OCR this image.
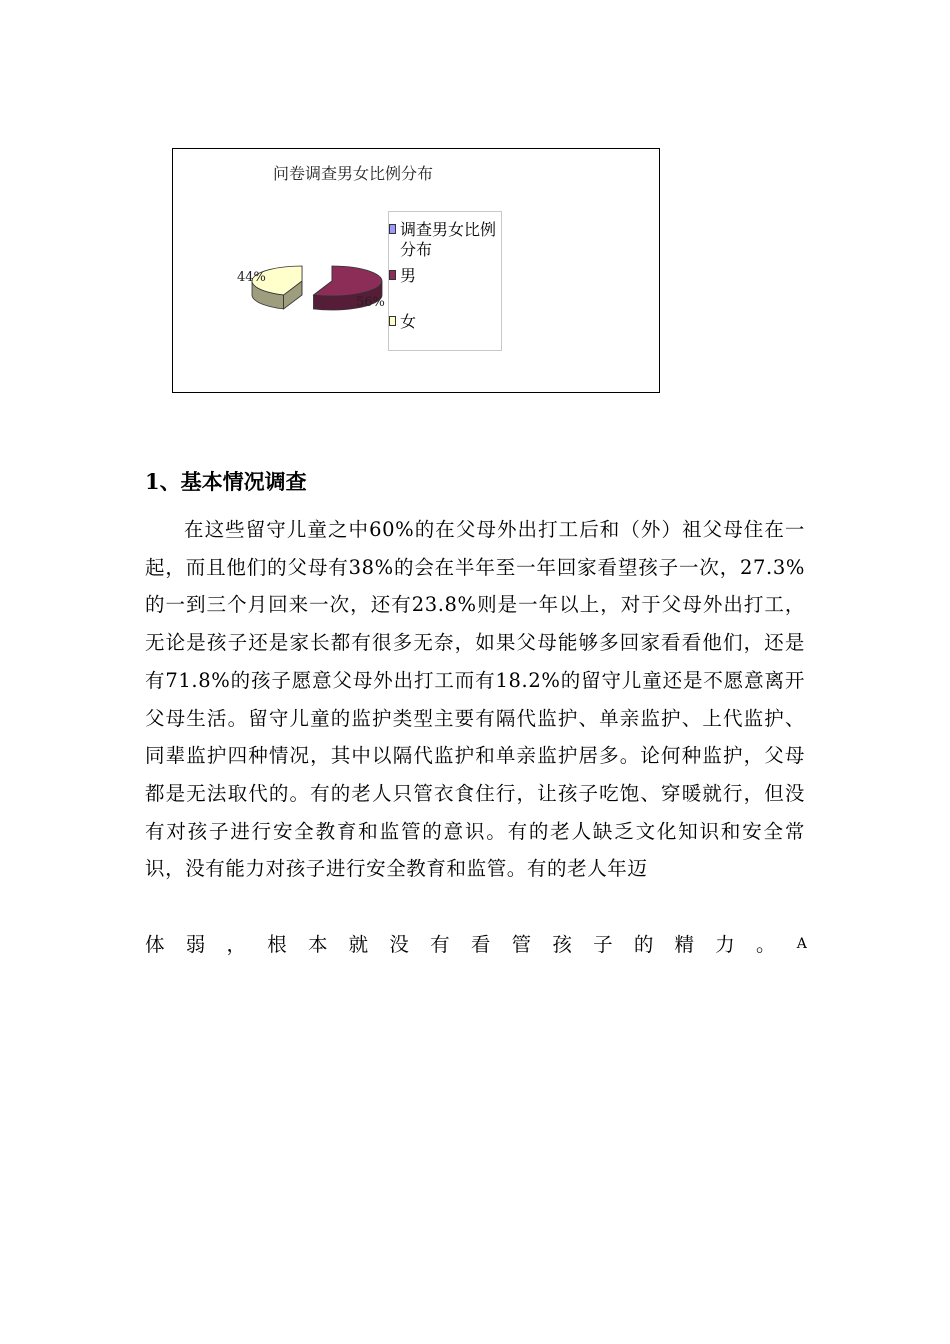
问卷调查男女比例分布
56%
44%
调查男女比例分布
男
女
1、基本情况调查
在这些留守儿童之中60%的在父母外出打工后和（外）祖父母住在一起，而且他们的父母有38%的会在半年至一年回家看望孩子一次，27.3%的一到三个月回来一次，还有23.8%则是一年以上，对于父母外出打工，无论是孩子还是家长都有很多无奈，如果父母能够多回家看看他们，还是有71.8%的孩子愿意父母外出打工而有18.2%的留守儿童还是不愿意离开父母生活。留守儿童的监护类型主要有隔代监护、单亲监护、上代监护、同辈监护四种情况，其中以隔代监护和单亲监护居多。论何种监护，父母都是无法取代的。有的老人只管衣食住行，让孩子吃饱、穿暖就行，但没有对孩子进行安全教育和监管的意识。有的老人缺乏文化知识和安全常识，没有能力对孩子进行安全教育和监管。有的老人年迈
体 弱 ， 根 本 就 没 有 看 管 孩 子 的 精 力 。 A
